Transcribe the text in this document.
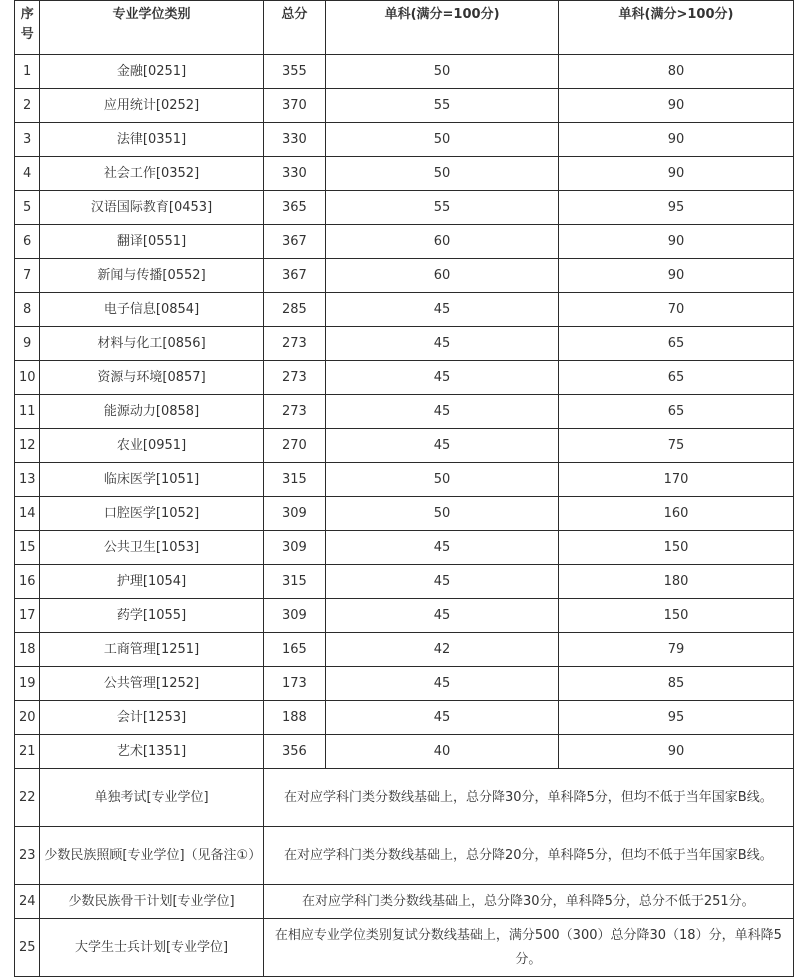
序号	专业学位类别	总分	单科(满分=100分)	单科(满分>100分)
1	金融[0251]	355	50	80
2	应用统计[0252]	370	55	90
3	法律[0351]	330	50	90
4	社会工作[0352]	330	50	90
5	汉语国际教育[0453]	365	55	95
6	翻译[0551]	367	60	90
7	新闻与传播[0552]	367	60	90
8	电子信息[0854]	285	45	70
9	材料与化工[0856]	273	45	65
10	资源与环境[0857]	273	45	65
11	能源动力[0858]	273	45	65
12	农业[0951]	270	45	75
13	临床医学[1051]	315	50	170
14	口腔医学[1052]	309	50	160
15	公共卫生[1053]	309	45	150
16	护理[1054]	315	45	180
17	药学[1055]	309	45	150
18	工商管理[1251]	165	42	79
19	公共管理[1252]	173	45	85
20	会计[1253]	188	45	95
21	艺术[1351]	356	40	90
22	单独考试[专业学位]	在对应学科门类分数线基础上，总分降30分，单科降5分，但均不低于当年国家B线。		
23	少数民族照顾[专业学位]（见备注①）	在对应学科门类分数线基础上，总分降20分，单科降5分，但均不低于当年国家B线。		
24	少数民族骨干计划[专业学位]	在对应学科门类分数线基础上，总分降30分，单科降5分，总分不低于251分。		
25	大学生士兵计划[专业学位]	在相应专业学位类别复试分数线基础上，满分500（300）总分降30（18）分，单科降5分。		
